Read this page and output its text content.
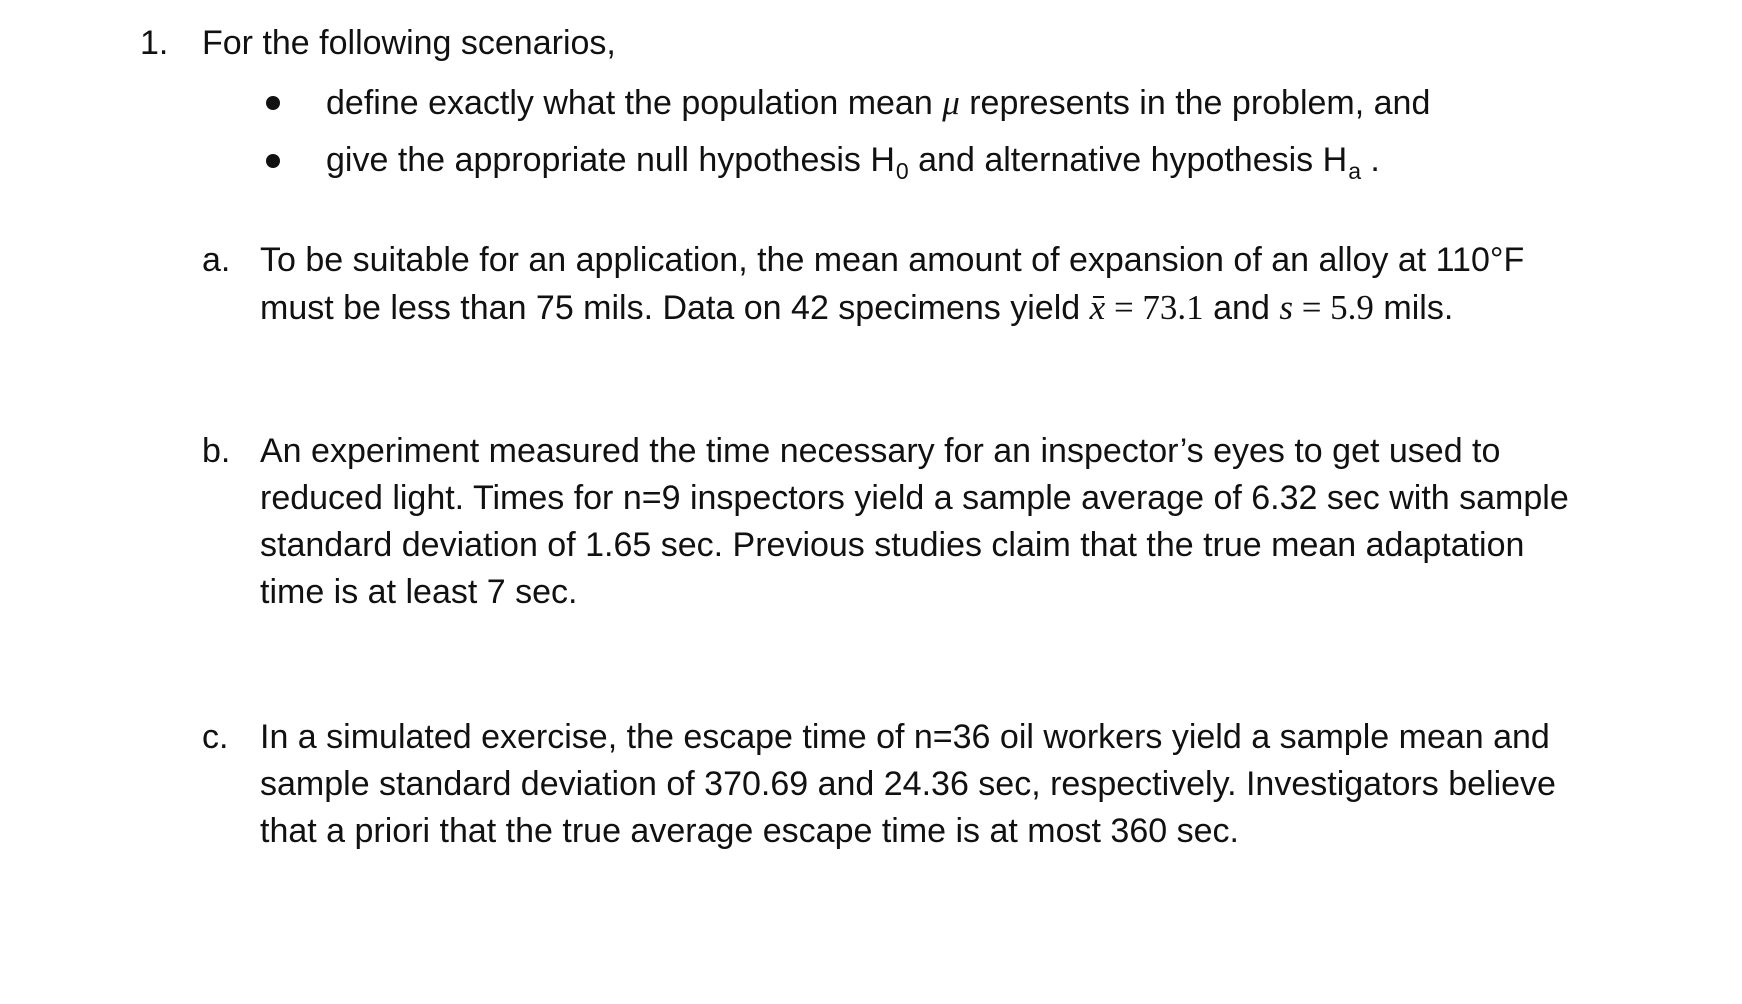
1. For the following scenarios,
define exactly what the population mean μ represents in the problem, and
give the appropriate null hypothesis $H_0$ and alternative hypothesis $H_a$ .
a. To be suitable for an application, the mean amount of expansion of an alloy at 110°F

must be less than 75 mils. Data on 42 specimens yield x = 73.1 and s = 5.9 mils.

b. An experiment measured the time necessary for an inspector’s eyes to get used to

reduced light. Times for n=9 inspectors yield a sample average of 6.32 sec with sample

standard deviation of 1.65 sec. Previous studies claim that the true mean adaptation

time is at least 7 sec.

c. In a simulated exercise, the escape time of n=36 oil workers yield a sample mean and

sample standard deviation of 370.69 and 24.36 sec, respectively. Investigators believe

that a priori that the true average escape time is at most 360 sec.
